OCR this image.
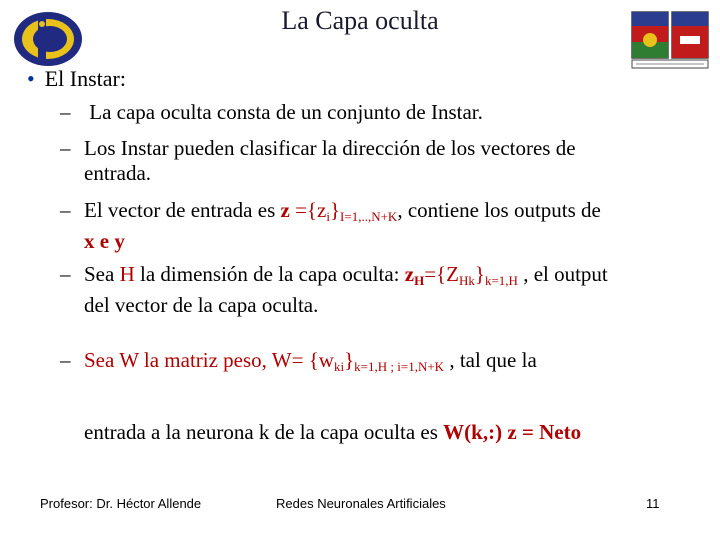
La Capa oculta
• El Instar:
– La capa oculta consta de un conjunto de Instar.
– Los Instar pueden clasificar la dirección de los vectores de
entrada.
– El vector de entrada es $z =\{z_i\}_{I=1,..,N+K}$, contiene los outputs de
x e y
– Sea H la dimensión de la capa oculta: $z_H=\{Z_{Hk}\}_{k=1,H}$ , el output
del vector de la capa oculta.
– Sea W la matriz peso, $W= \{w_{ki}\}_{k=1,H ; i=1,N+K}$ , tal que la
entrada a la neurona k de la capa oculta es W(k,:) z = Neto
Profesor: Dr. Héctor Allende	Redes Neuronales Artificiales	11
